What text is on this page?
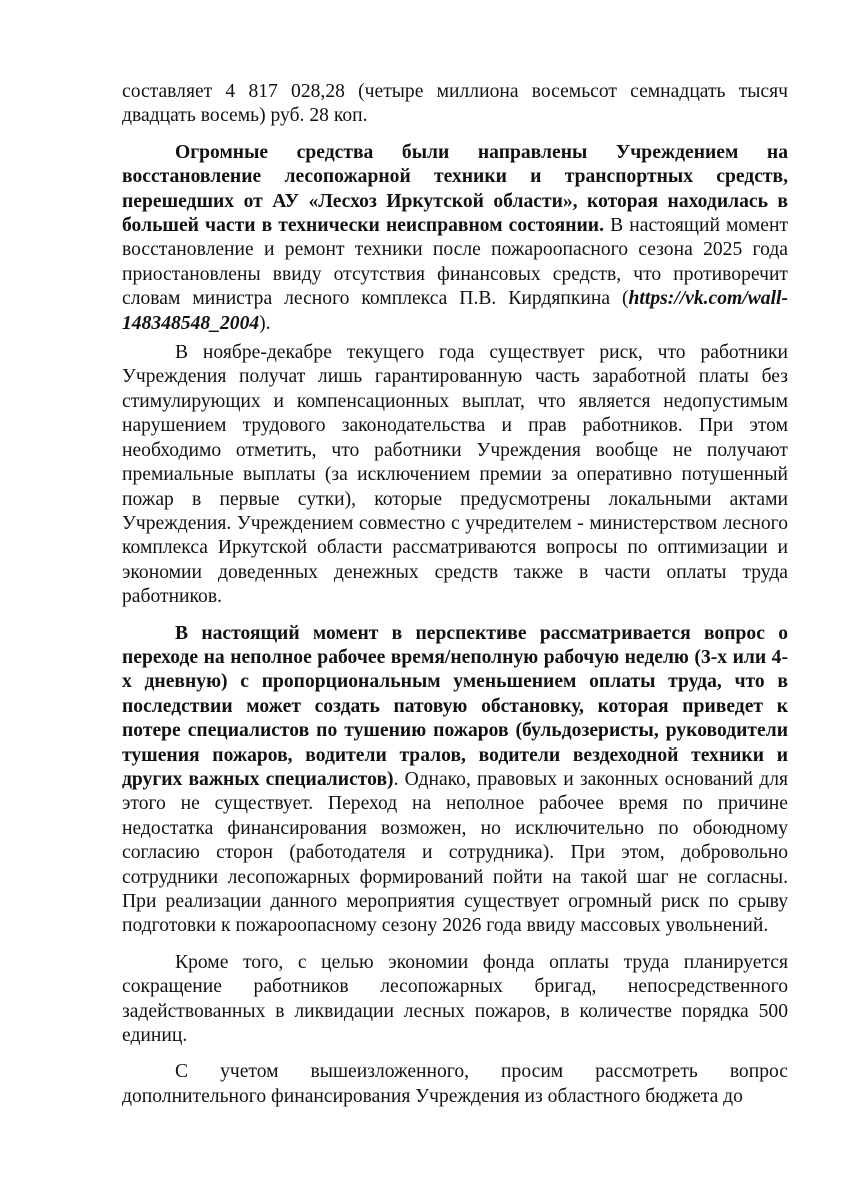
составляет 4 817 028,28 (четыре миллиона восемьсот семнадцать тысяч двадцать восемь) руб. 28 коп.

Огромные средства были направлены Учреждением на восстановление лесопожарной техники и транспортных средств, перешедших от АУ «Лесхоз Иркутской области», которая находилась в большей части в технически неисправном состоянии. В настоящий момент восстановление и ремонт техники после пожароопасного сезона 2025 года приостановлены ввиду отсутствия финансовых средств, что противоречит словам министра лесного комплекса П.В. Кирдяпкина (https://vk.com/wall-148348548_2004).

В ноябре-декабре текущего года существует риск, что работники Учреждения получат лишь гарантированную часть заработной платы без стимулирующих и компенсационных выплат, что является недопустимым нарушением трудового законодательства и прав работников. При этом необходимо отметить, что работники Учреждения вообще не получают премиальные выплаты (за исключением премии за оперативно потушенный пожар в первые сутки), которые предусмотрены локальными актами Учреждения. Учреждением совместно с учредителем - министерством лесного комплекса Иркутской области рассматриваются вопросы по оптимизации и экономии доведенных денежных средств также в части оплаты труда работников.

В настоящий момент в перспективе рассматривается вопрос о переходе на неполное рабочее время/неполную рабочую неделю (3-х или 4-х дневную) с пропорциональным уменьшением оплаты труда, что в последствии может создать патовую обстановку, которая приведет к потере специалистов по тушению пожаров (бульдозеристы, руководители тушения пожаров, водители тралов, водители вездеходной техники и других важных специалистов). Однако, правовых и законных оснований для этого не существует. Переход на неполное рабочее время по причине недостатка финансирования возможен, но исключительно по обоюдному согласию сторон (работодателя и сотрудника). При этом, добровольно сотрудники лесопожарных формирований пойти на такой шаг не согласны. При реализации данного мероприятия существует огромный риск по срыву подготовки к пожароопасному сезону 2026 года ввиду массовых увольнений.

Кроме того, с целью экономии фонда оплаты труда планируется сокращение работников лесопожарных бригад, непосредственного задействованных в ликвидации лесных пожаров, в количестве порядка 500 единиц.

С учетом вышеизложенного, просим рассмотреть вопрос дополнительного финансирования Учреждения из областного бюджета до
